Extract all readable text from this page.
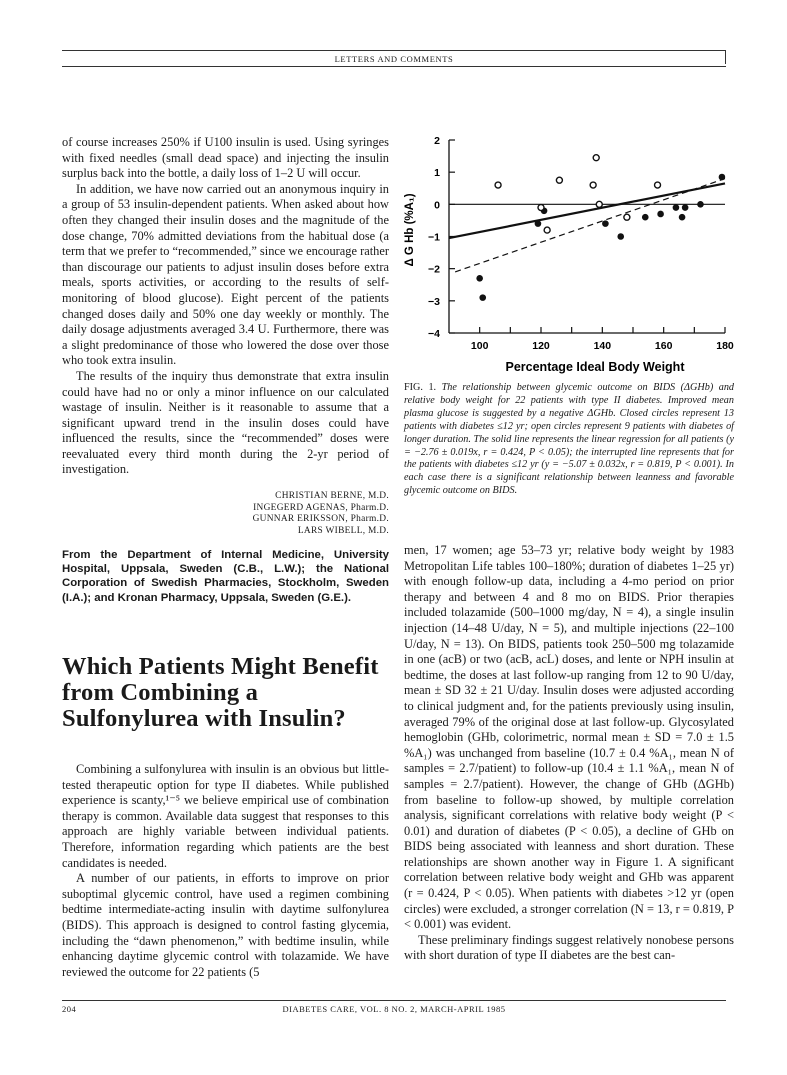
LETTERS AND COMMENTS

of course increases 250% if U100 insulin is used. Using syringes with fixed needles (small dead space) and injecting the insulin surplus back into the bottle, a daily loss of 1–2 U will occur.

In addition, we have now carried out an anonymous inquiry in a group of 53 insulin-dependent patients. When asked about how often they changed their insulin doses and the magnitude of the dose change, 70% admitted deviations from the habitual dose (a term that we prefer to “recommended,” since we encourage rather than discourage our patients to adjust insulin doses before extra meals, sports activities, or according to the results of self-monitoring of blood glucose). Eight percent of the patients changed doses daily and 50% one day weekly or monthly. The daily dosage adjustments averaged 3.4 U. Furthermore, there was a slight predominance of those who lowered the dose over those who took extra insulin.

The results of the inquiry thus demonstrate that extra insulin could have had no or only a minor influence on our calculated wastage of insulin. Neither is it reasonable to assume that a significant upward trend in the insulin doses could have influenced the results, since the “recommended” doses were reevaluated every third month during the 2-yr period of investigation.

CHRISTIAN BERNE, M.D.
INGEGERD AGENAS, Pharm.D.
GUNNAR ERIKSSON, Pharm.D.
LARS WIBELL, M.D.
From the Department of Internal Medicine, University Hospital, Uppsala, Sweden (C.B., L.W.); the National Corporation of Swedish Pharmacies, Stockholm, Sweden (I.A.); and Kronan Pharmacy, Uppsala, Sweden (G.E.).
Which Patients Might Benefit from Combining a Sulfonylurea with Insulin?

Combining a sulfonylurea with insulin is an obvious but little-tested therapeutic option for type II diabetes. While published experience is scanty,¹⁻⁵ we believe empirical use of combination therapy is common. Available data suggest that responses to this approach are highly variable between individual patients. Therefore, information regarding which patients are the best candidates is needed.

A number of our patients, in efforts to improve on prior suboptimal glycemic control, have used a regimen combining bedtime intermediate-acting insulin with daytime sulfonylurea (BIDS). This approach is designed to control fasting glycemia, including the “dawn phenomenon,” with bedtime insulin, while enhancing daytime glycemic control with tolazamide. We have reviewed the outcome for 22 patients (5

2
1
0
−1
−2
−3
−4
100	120	140	160	180
Δ G Hb (%A₁)
Percentage Ideal Body Weight
FIG. 1. The relationship between glycemic outcome on BIDS (ΔGHb) and relative body weight for 22 patients with type II diabetes. Improved mean plasma glucose is suggested by a negative ΔGHb. Closed circles represent 13 patients with diabetes ≤12 yr; open circles represent 9 patients with diabetes of longer duration. The solid line represents the linear regression for all patients (y = −2.76 ± 0.019x, r = 0.424, P < 0.05); the interrupted line represents that for the patients with diabetes ≤12 yr (y = −5.07 ± 0.032x, r = 0.819, P < 0.001). In each case there is a significant relationship between leanness and favorable glycemic outcome on BIDS.

men, 17 women; age 53–73 yr; relative body weight by 1983 Metropolitan Life tables 100–180%; duration of diabetes 1–25 yr) with enough follow-up data, including a 4-mo period on prior therapy and between 4 and 8 mo on BIDS. Prior therapies included tolazamide (500–1000 mg/day, N = 4), a single insulin injection (14–48 U/day, N = 5), and multiple injections (22–100 U/day, N = 13). On BIDS, patients took 250–500 mg tolazamide in one (acB) or two (acB, acL) doses, and lente or NPH insulin at bedtime, the doses at last follow-up ranging from 12 to 90 U/day, mean ± SD 32 ± 21 U/day. Insulin doses were adjusted according to clinical judgment and, for the patients previously using insulin, averaged 79% of the original dose at last follow-up. Glycosylated hemoglobin (GHb, colorimetric, normal mean ± SD = 7.0 ± 1.5 %A₁) was unchanged from baseline (10.7 ± 0.4 %A₁, mean N of samples = 2.7/patient) to follow-up (10.4 ± 1.1 %A₁, mean N of samples = 2.7/patient). However, the change of GHb (ΔGHb) from baseline to follow-up showed, by multiple correlation analysis, significant correlations with relative body weight (P < 0.01) and duration of diabetes (P < 0.05), a decline of GHb on BIDS being associated with leanness and short duration. These relationships are shown another way in Figure 1. A significant correlation between relative body weight and GHb was apparent (r = 0.424, P < 0.05). When patients with diabetes >12 yr (open circles) were excluded, a stronger correlation (N = 13, r = 0.819, P < 0.001) was evident.

These preliminary findings suggest relatively nonobese persons with short duration of type II diabetes are the best can-

204	DIABETES CARE, VOL. 8 NO. 2, MARCH-APRIL 1985
